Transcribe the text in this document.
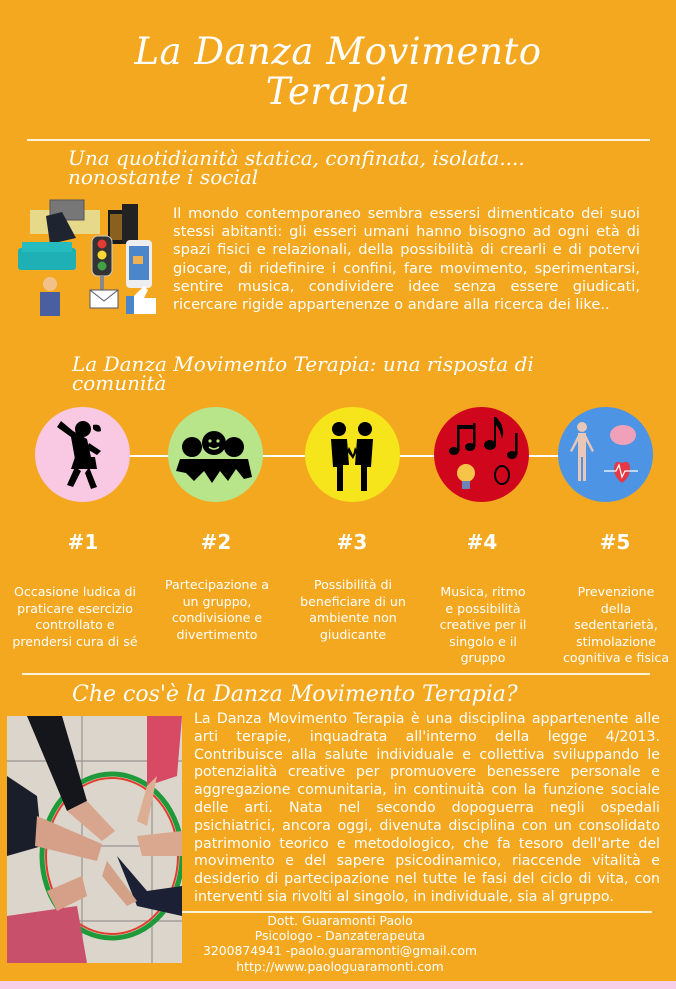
La Danza Movimento
Terapia
Una quotidianità statica, confinata, isolata....
nonostante i social
Il mondo contemporaneo sembra essersi dimenticato dei suoi stessi abitanti: gli esseri umani hanno bisogno ad ogni età di spazi fisici e relazionali, della possibilità di crearli e di potervi giocare, di ridefinire i confini, fare movimento, sperimentarsi, sentire musica, condividere idee senza essere giudicati, ricercare rigide appartenenze o andare alla ricerca dei like..
La Danza Movimento Terapia: una risposta di
comunità
#1	#2	#3	#4	#5
Occasione ludica di
praticare esercizio
controllato e
prendersi cura di sé
Partecipazione a
un gruppo,
condivisione e
divertimento
Possibilità di
beneficiare di un
ambiente non
giudicante
Musica, ritmo
e possibilità
creative per il
singolo e il
gruppo
Prevenzione
della
sedentarietà,
stimolazione
cognitiva e fisica
Che cos'è la Danza Movimento Terapia?
La Danza Movimento Terapia è una disciplina appartenente alle arti terapie, inquadrata all'interno della legge 4/2013. Contribuisce alla salute individuale e collettiva sviluppando le potenzialità creative per promuovere benessere personale e aggregazione comunitaria, in continuità con la funzione sociale delle arti. Nata nel secondo dopoguerra negli ospedali psichiatrici, ancora oggi, divenuta disciplina con un consolidato patrimonio teorico e metodologico, che fa tesoro dell'arte del movimento e del sapere psicodinamico, riaccende vitalità e desiderio di partecipazione nel tutte le fasi del ciclo di vita, con interventi sia rivolti al singolo, in individuale, sia al gruppo.
Dott. Guaramonti Paolo
Psicologo - Danzaterapeuta
3200874941 -paolo.guaramonti@gmail.com
http://www.paologuaramonti.com
